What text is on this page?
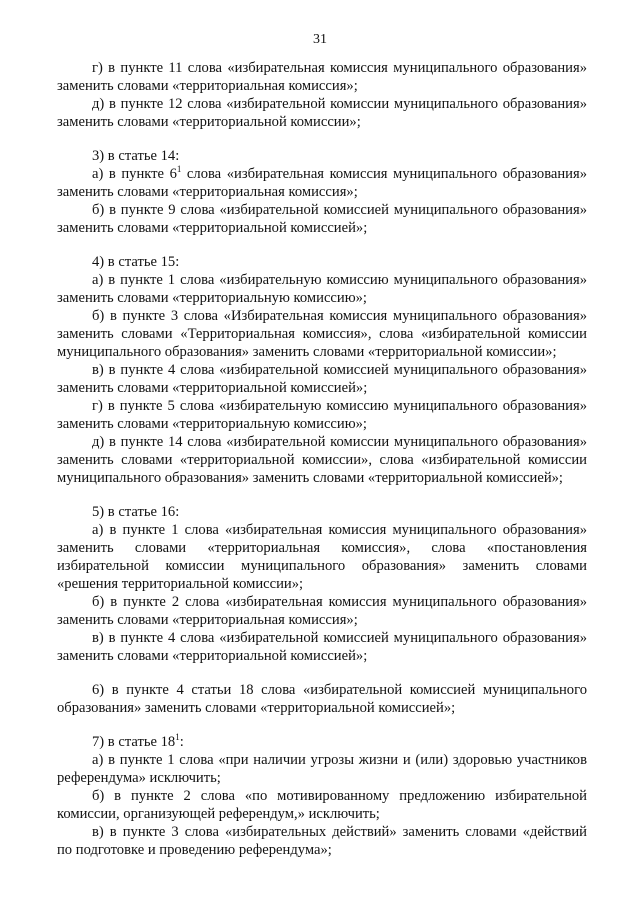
31
г) в пункте 11 слова «избирательная комиссия муниципального образования»
заменить словами «территориальная комиссия»;
д) в пункте 12 слова «избирательной комиссии муниципального образования»
заменить словами «территориальной комиссии»;
3) в статье 14:
а) в пункте $6^1$ слова «избирательная комиссия муниципального образования»
заменить словами «территориальная комиссия»;
б) в пункте 9 слова «избирательной комиссией муниципального образования»
заменить словами «территориальной комиссией»;
4) в статье 15:
а) в пункте 1 слова «избирательную комиссию муниципального образования»
заменить словами «территориальную комиссию»;
б) в пункте 3 слова «Избирательная комиссия муниципального образования»
заменить словами «Территориальная комиссия», слова «избирательной комиссии
муниципального образования» заменить словами «территориальной комиссии»;
в) в пункте 4 слова «избирательной комиссией муниципального образования»
заменить словами «территориальной комиссией»;
г) в пункте 5 слова «избирательную комиссию муниципального образования»
заменить словами «территориальную комиссию»;
д) в пункте 14 слова «избирательной комиссии муниципального образования»
заменить словами «территориальной комиссии», слова «избирательной комиссии
муниципального образования» заменить словами «территориальной комиссией»;
5) в статье 16:
а) в пункте 1 слова «избирательная комиссия муниципального образования»
заменить словами «территориальная комиссия», слова «постановления
избирательной комиссии муниципального образования» заменить словами
«решения территориальной комиссии»;
б) в пункте 2 слова «избирательная комиссия муниципального образования»
заменить словами «территориальная комиссия»;
в) в пункте 4 слова «избирательной комиссией муниципального образования»
заменить словами «территориальной комиссией»;
6) в пункте 4 статьи 18 слова «избирательной комиссией муниципального
образования» заменить словами «территориальной комиссией»;
7) в статье $18^1$:
а) в пункте 1 слова «при наличии угрозы жизни и (или) здоровью участников
референдума» исключить;
б) в пункте 2 слова «по мотивированному предложению избирательной
комиссии, организующей референдум,» исключить;
в) в пункте 3 слова «избирательных действий» заменить словами «действий
по подготовке и проведению референдума»;
